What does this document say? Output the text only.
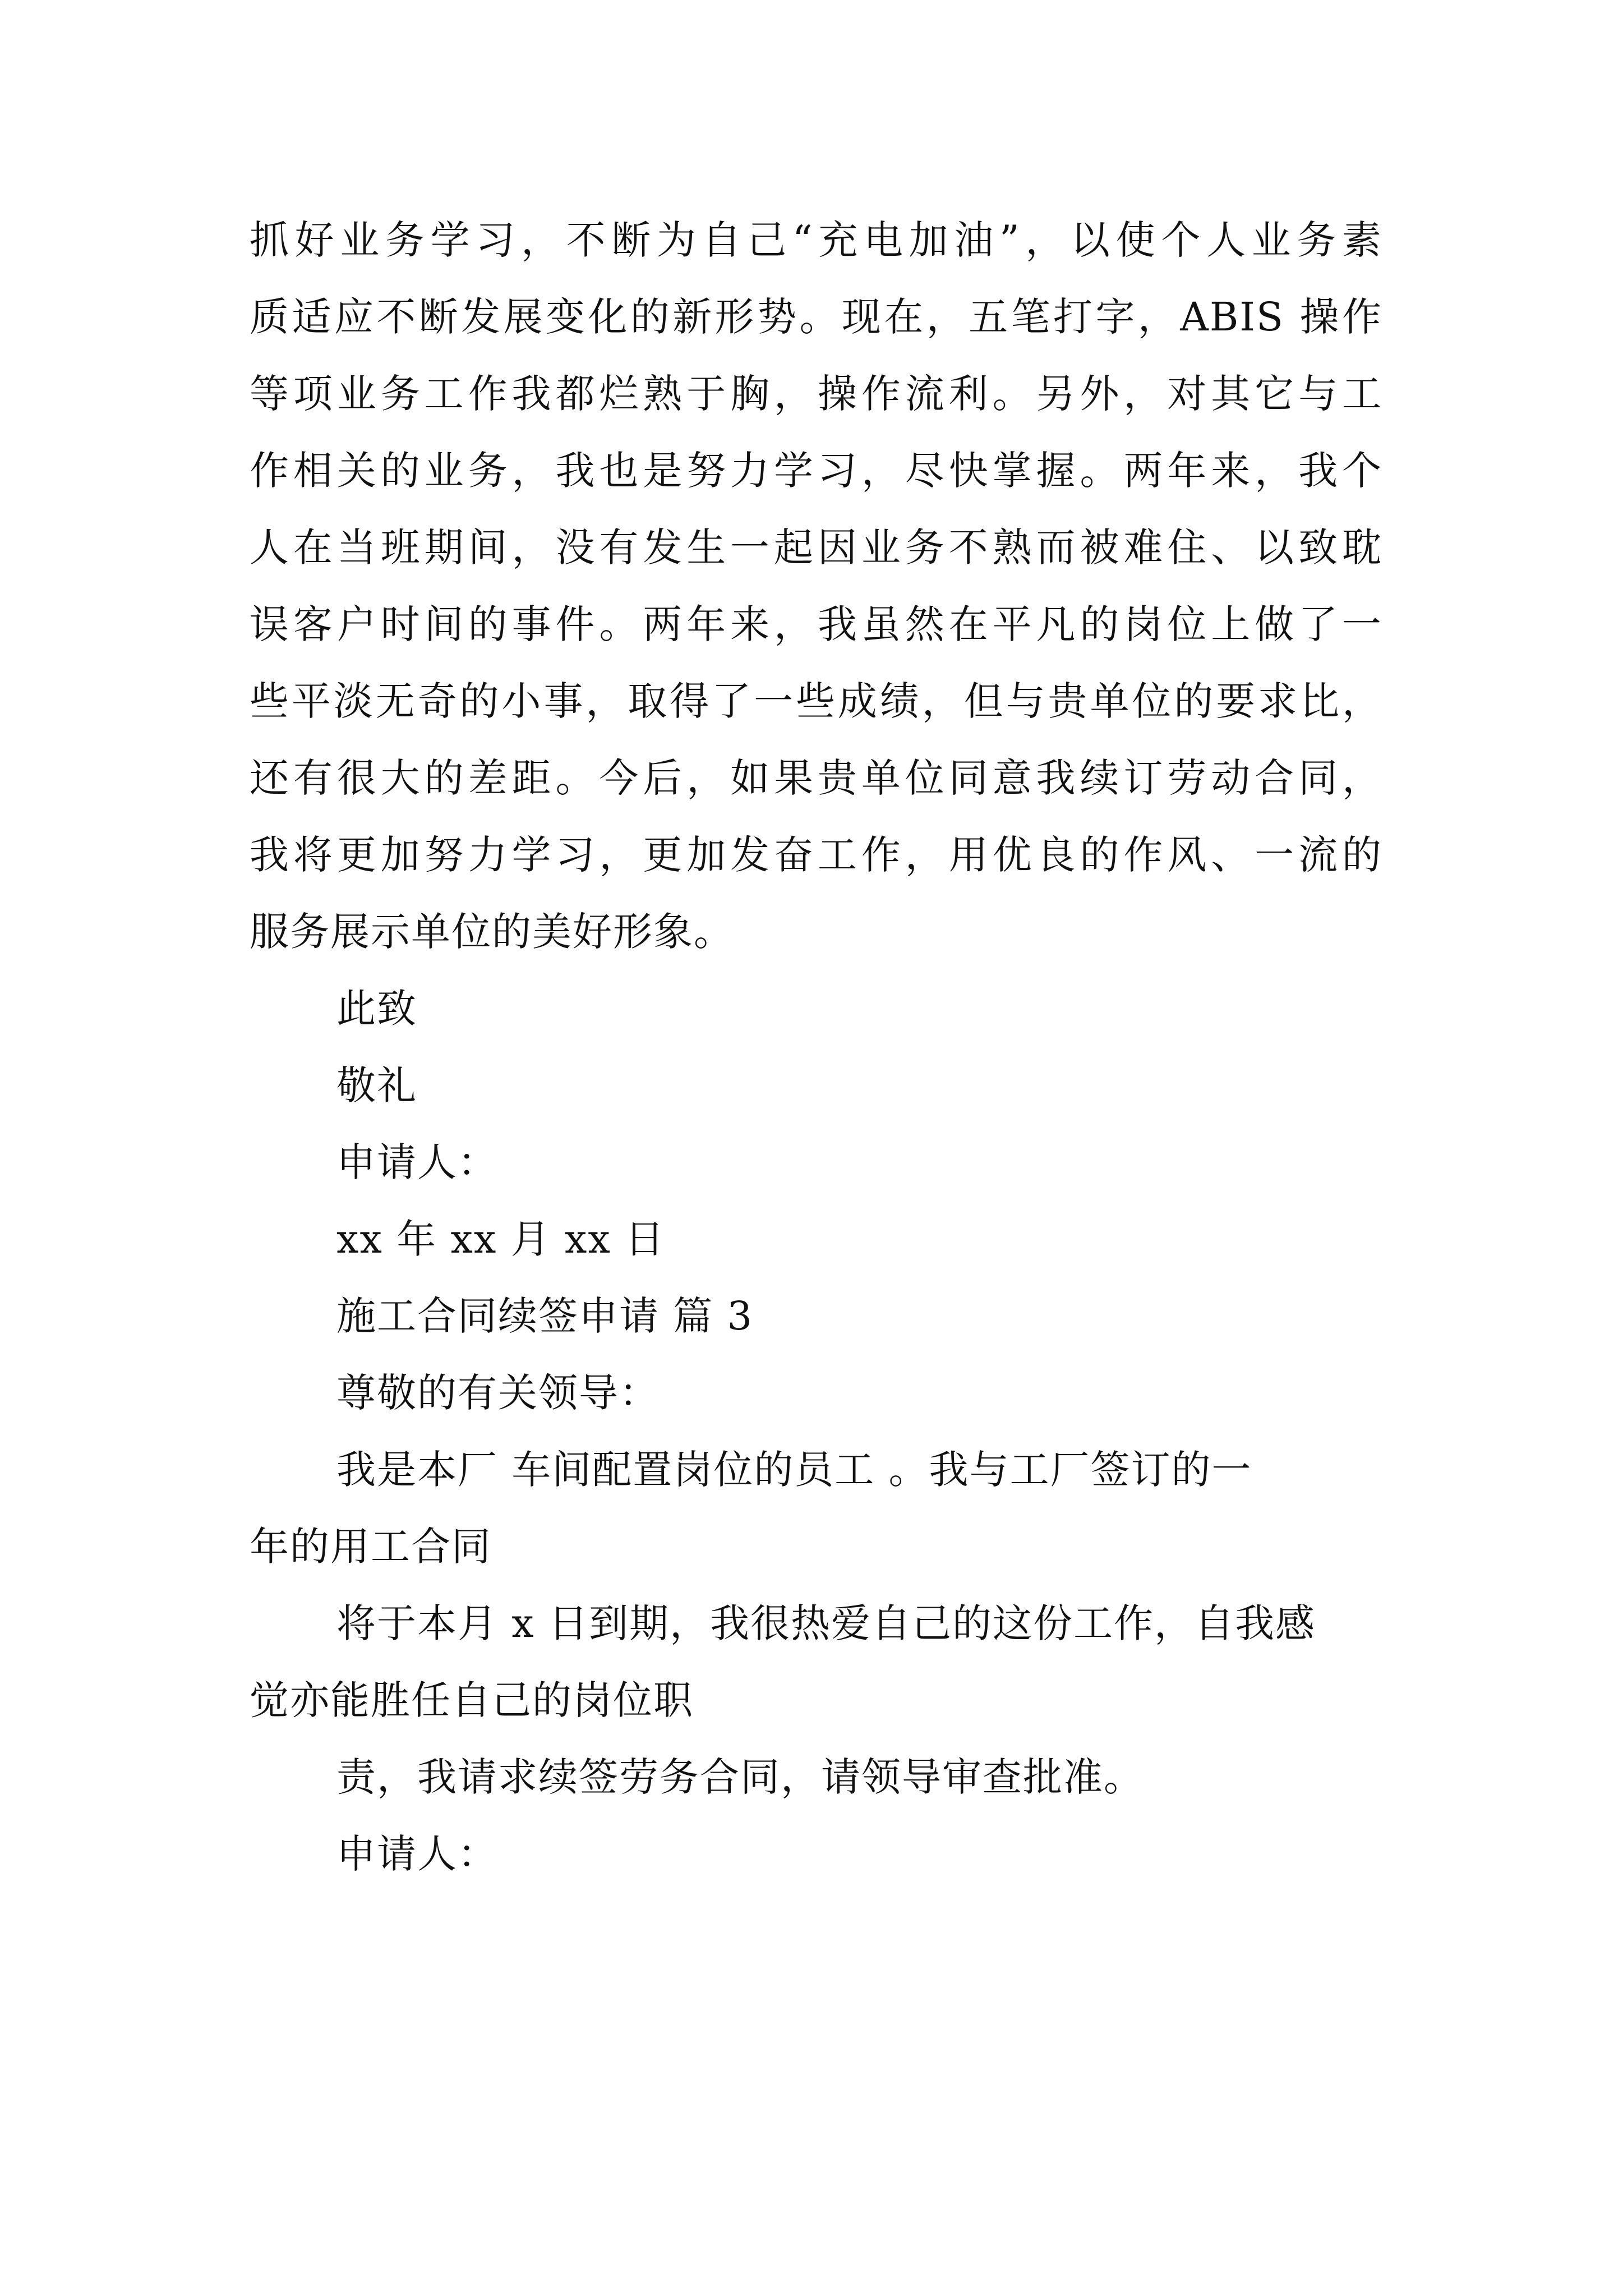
抓好业务学习，不断为自己“充电加油”，以使个人业务素
质适应不断发展变化的新形势。现在，五笔打字，ABIS 操作
等项业务工作我都烂熟于胸，操作流利。另外，对其它与工
作相关的业务，我也是努力学习，尽快掌握。两年来，我个
人在当班期间，没有发生一起因业务不熟而被难住、以致耽
误客户时间的事件。两年来，我虽然在平凡的岗位上做了一
些平淡无奇的小事，取得了一些成绩，但与贵单位的要求比，
还有很大的差距。今后，如果贵单位同意我续订劳动合同，
我将更加努力学习，更加发奋工作，用优良的作风、一流的
服务展示单位的美好形象。
此致
敬礼
申请人：
xx 年 xx 月 xx 日
施工合同续签申请 篇 3
尊敬的有关领导：
我是本厂 车间配置岗位的员工 。我与工厂签订的一
年的用工合同
将于本月 x 日到期，我很热爱自己的这份工作，自我感
觉亦能胜任自己的岗位职
责，我请求续签劳务合同，请领导审查批准。
申请人：
